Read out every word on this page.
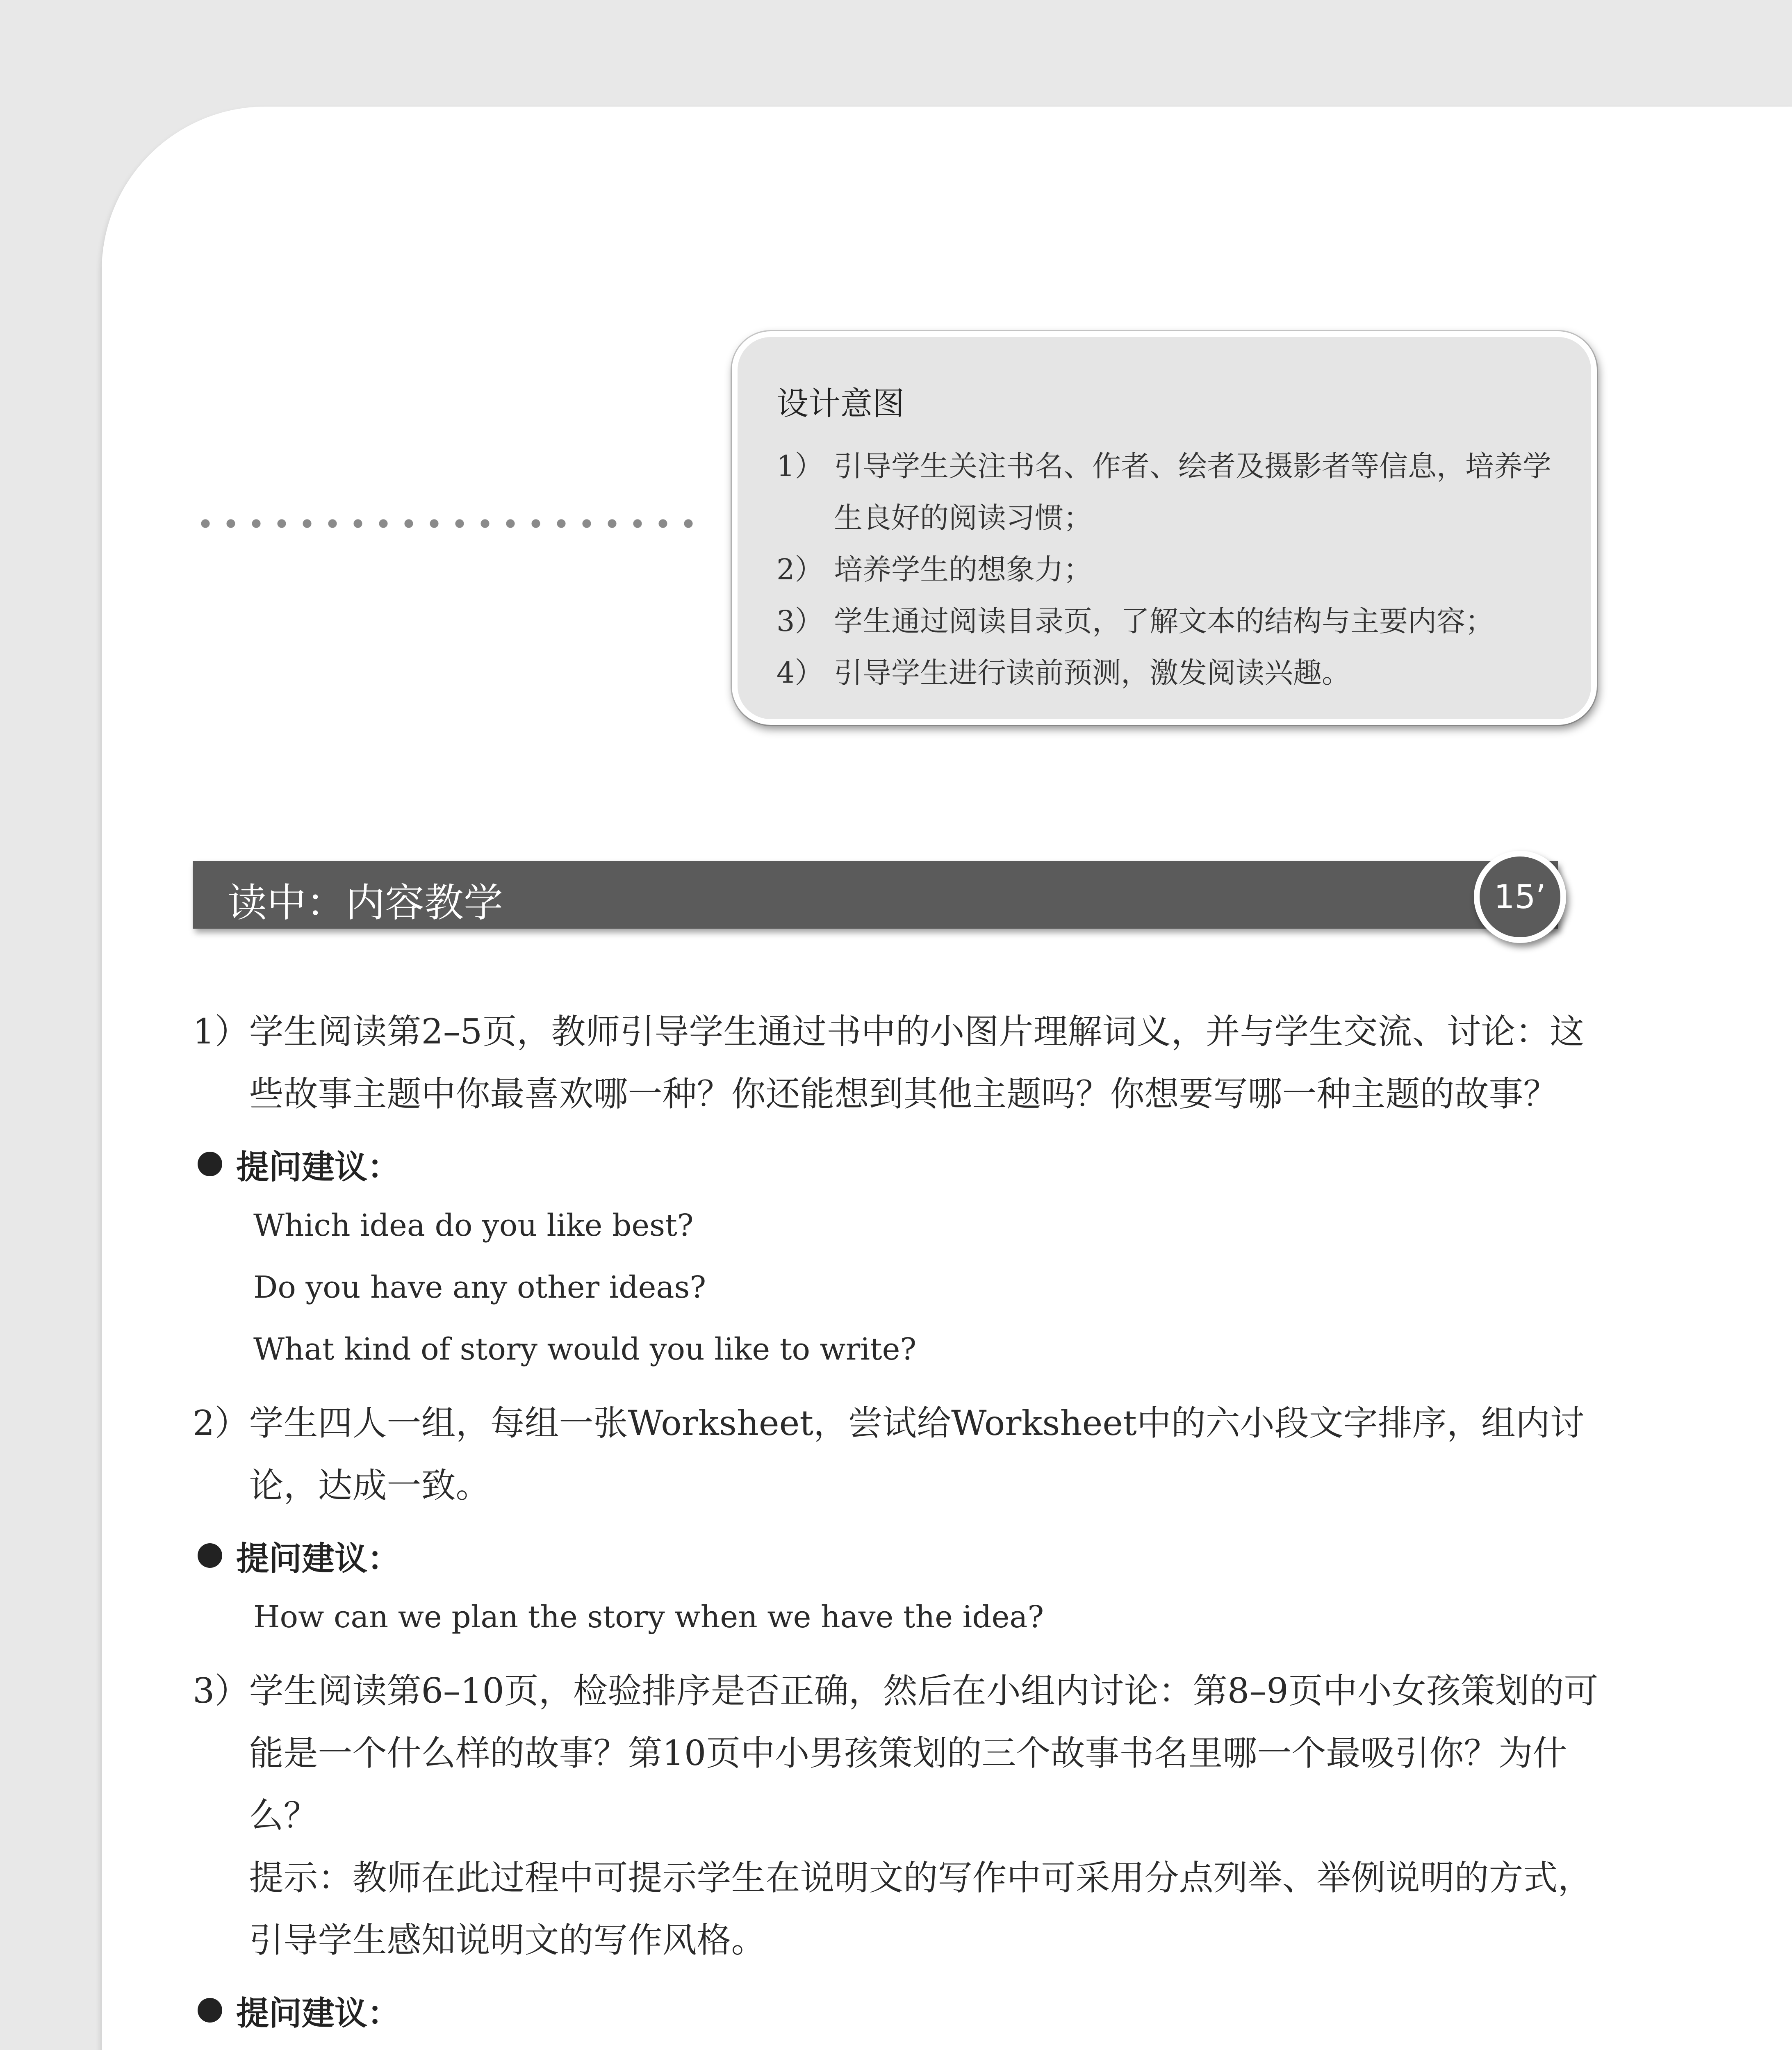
设计意图
1） 引导学生关注书名、作者、绘者及摄影者等信息，培养学生良好的阅读习惯；
2） 培养学生的想象力；
3） 学生通过阅读目录页，了解文本的结构与主要内容；
4） 引导学生进行读前预测，激发阅读兴趣。
读中：内容教学	15’
1） 学生阅读第2–5页，教师引导学生通过书中的小图片理解词义，并与学生交流、讨论：这些故事主题中你最喜欢哪一种？你还能想到其他主题吗？你想要写哪一种主题的故事？
提问建议：
Which idea do you like best?
Do you have any other ideas?
What kind of story would you like to write?
2） 学生四人一组，每组一张Worksheet，尝试给Worksheet中的六小段文字排序，组内讨论，达成一致。
提问建议：
How can we plan the story when we have the idea?
3） 学生阅读第6–10页，检验排序是否正确，然后在小组内讨论：第8–9页中小女孩策划的可能是一个什么样的故事？第10页中小男孩策划的三个故事书名里哪一个最吸引你？为什么？
提示：教师在此过程中可提示学生在说明文的写作中可采用分点列举、举例说明的方式，引导学生感知说明文的写作风格。
提问建议：
